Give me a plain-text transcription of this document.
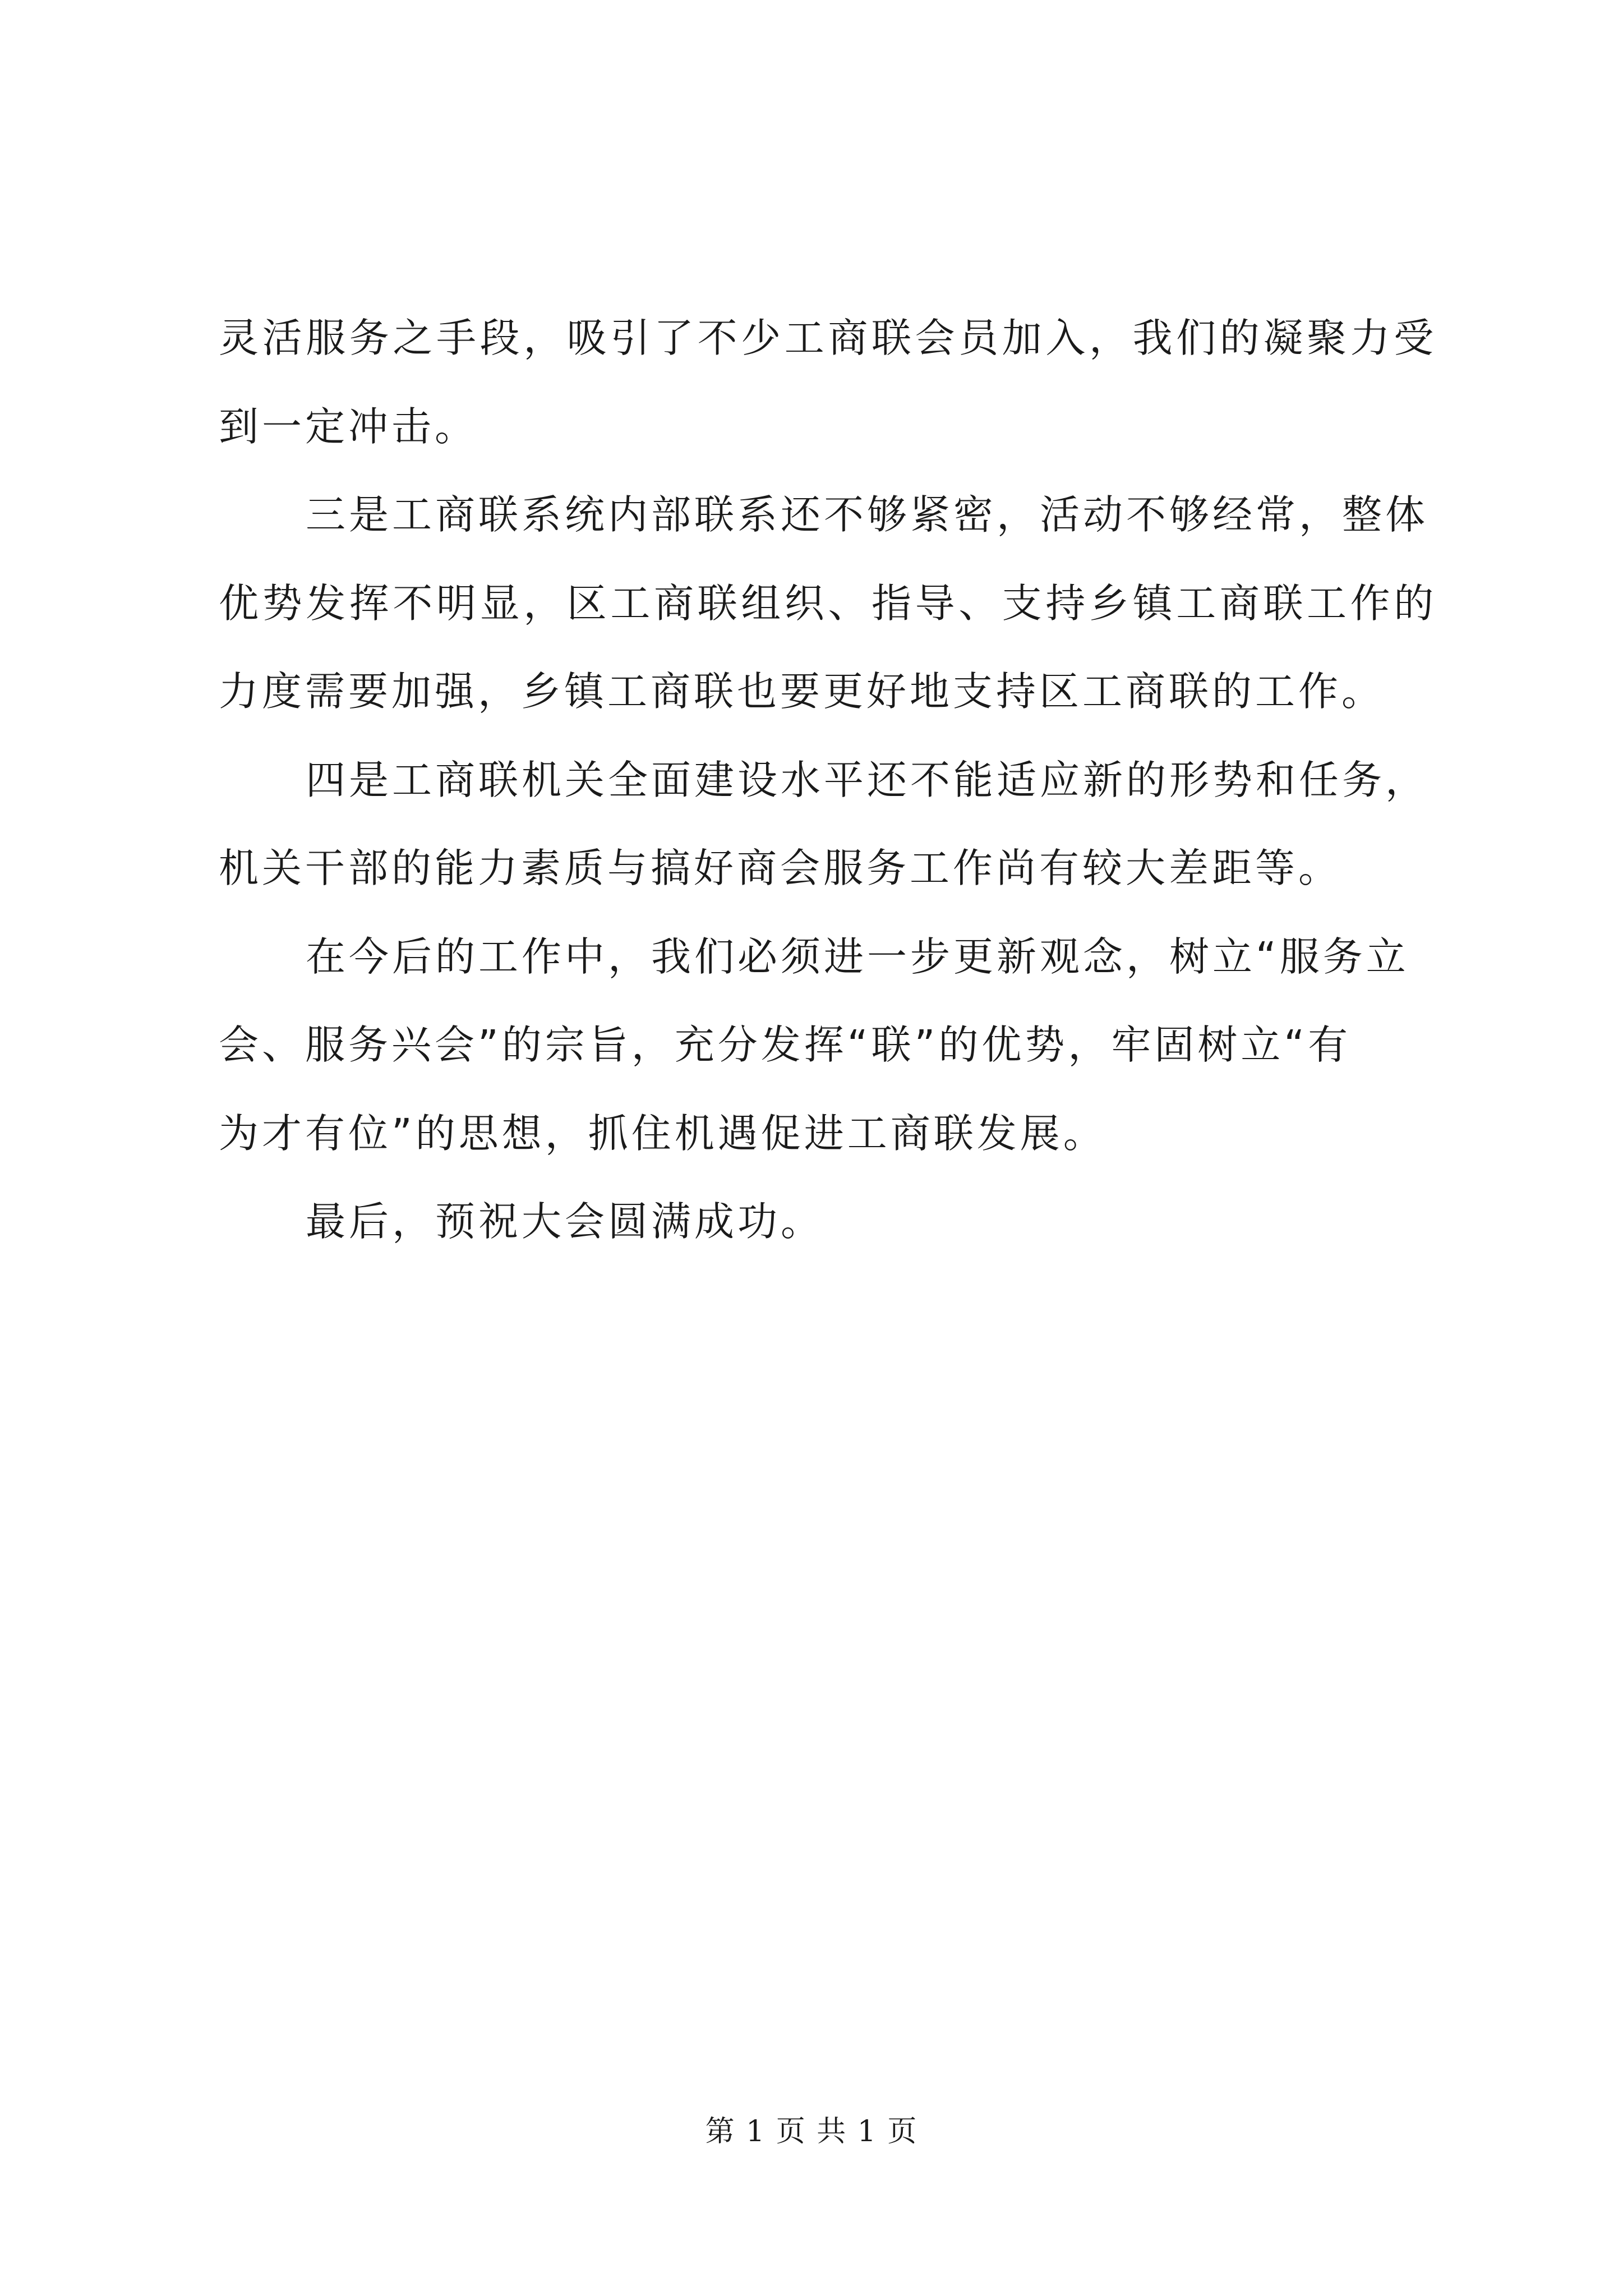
灵活服务之手段，吸引了不少工商联会员加入，我们的凝聚力受
到一定冲击。
三是工商联系统内部联系还不够紧密，活动不够经常，整体
优势发挥不明显，区工商联组织、指导、支持乡镇工商联工作的
力度需要加强，乡镇工商联也要更好地支持区工商联的工作。
四是工商联机关全面建设水平还不能适应新的形势和任务，
机关干部的能力素质与搞好商会服务工作尚有较大差距等。
在今后的工作中，我们必须进一步更新观念，树立“服务立
会、服务兴会”的宗旨，充分发挥“联”的优势，牢固树立“有
为才有位”的思想，抓住机遇促进工商联发展。
最后，预祝大会圆满成功。
第 1 页 共 1 页
